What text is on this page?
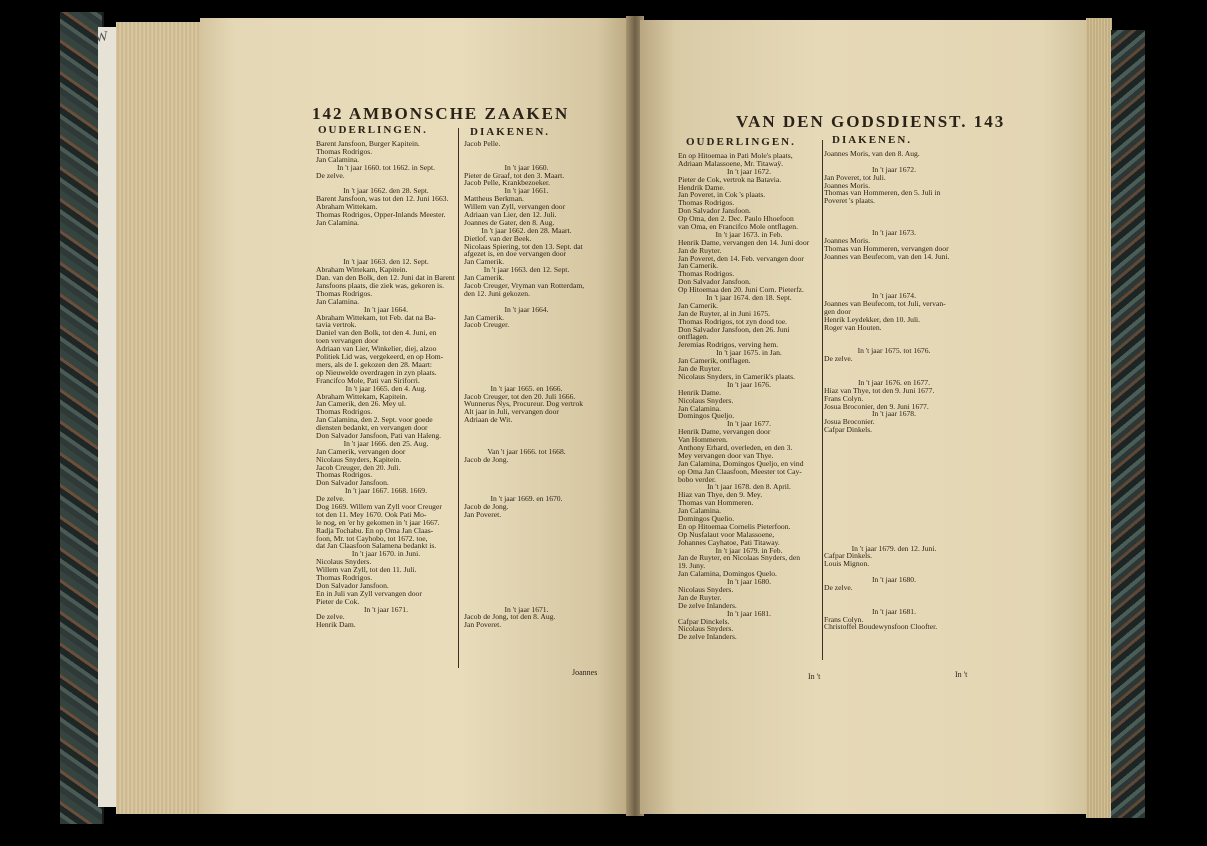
W
142 AMBONSCHE ZAAKEN
OUDERLINGEN.	DIAKENEN.
Barent Jansfoon, Burger Kapitein.
Thomas Rodrigos.
Jan Calamina.
In 't jaar 1660. tot 1662. in Sept.
De zelve.
In 't jaar 1662. den 28. Sept.
Barent Jansfoon, was tot den 12. Juni 1663.
Abraham Wittekam.
Thomas Rodrigos, Opper-Inlands Meester.
Jan Calamina.
In 't jaar 1663. den 12. Sept.
Abraham Wittekam, Kapitein.
Dan. van den Bolk, den 12. Juni dat in Barent
Jansfoons plaats, die ziek was, gekoren is.
Thomas Rodrigos.
Jan Calamina.
In 't jaar 1664.
Abraham Wittekam, tot Feb. dat na Ba-
tavia vertrok.
Daniel van den Bolk, tot den 4. Juni, en
toen vervangen door
Adriaan van Lier, Winkelier, diej, alzoo
Politiek Lid was, vergekeerd, en op Hom-
mers, als de I. gekozen den 28. Maart:
op Nieuwelde overdragen in zyn plaats.
Francifco Mole, Pati van Siriforri.
In 't jaar 1665. den 4. Aug.
Abraham Wittekam, Kapitein.
Jan Camerik, den 26. Mey ul.
Thomas Rodrigos.
Jan Calamina, den 2. Sept. voor goede
diensten bedankt, en vervangen door
Don Salvador Jansfoon, Pati van Haleng.
In 't jaar 1666. den 25. Aug.
Jan Camerik, vervangen door
Nicolaus Snyders, Kapitein.
Jacob Creuger, den 20. Juli.
Thomas Rodrigos.
Don Salvador Jansfoon.
In 't jaar 1667. 1668. 1669.
De zelve.
Dog 1669. Willem van Zyll voor Creuger
tot den 11. Mey 1670. Ook Pati Mo-
le nog, en 'er hy gekomen in 't jaar 1667.
Radja Tochabu. En op Oma Jan Claas-
foon, Mr. tot Cayhobo, tot 1672. toe,
dat Jan Claasfoon Salamena bedankt is.
In 't jaar 1670. in Juni.
Nicolaus Snyders.
Willem van Zyll, tot den 11. Juli.
Thomas Rodrigos.
Don Salvador Jansfoon.
En in Juli van Zyll vervangen door
Pieter de Cok.
In 't jaar 1671.
De zelve.
Henrik Dam.
Jacob Pelle.
In 't jaar 1660.
Pieter de Graaf, tot den 3. Maart.
Jacob Pelle, Krankbezoeker.
In 't jaar 1661.
Mattheus Berkman.
Willem van Zyll, vervangen door
Adriaan van Lier, den 12. Juli.
Joannes de Gater, den 8. Aug.
In 't jaar 1662. den 28. Maart.
Dietlof. van der Beek.
Nicolaas Spiering, tot den 13. Sept. dat
afgezet is, en doe vervangen door
Jan Camerik.
In 't jaar 1663. den 12. Sept.
Jan Camerik.
Jacob Creuger, Vryman van Rotterdam,
den 12. Juni gekozen.
In 't jaar 1664.
Jan Camerik.
Jacob Creuger.
In 't jaar 1665. en 1666.
Jacob Creuger, tot den 20. Juli 1666.
Wunnerus Nys, Procureur. Dog vertrok
Alt jaar in Juli, vervangen door
Adriaan de Wit.
Van 't jaar 1666. tot 1668.
Jacob de Jong.
In 't jaar 1669. en 1670.
Jacob de Jong.
Jan Poveret.
In 't jaar 1671.
Jacob de Jong, tot den 8. Aug.
Jan Poveret.
Joannes
VAN DEN GODSDIENST. 143
OUDERLINGEN.	DIAKENEN.
En op Hitoemaa in Pati Mole's plaats,
Adriaan Malassoene, Mr. Titawaÿ.
In 't jaar 1672.
Pieter de Cok, vertrok na Batavia.
Hendrik Dame.
Jan Poveret, in Cok 's plaats.
Thomas Rodrigos.
Don Salvador Jansfoon.
Op Oma, den 2. Dec. Paulo Hhoefoon
van Oma, en Francifco Mole ontflagen.
In 't jaar 1673. in Feb.
Henrik Dame, vervangen den 14. Juni door
Jan de Ruyter.
Jan Poveret, den 14. Feb. vervangen door
Jan Camerik.
Thomas Rodrigos.
Don Salvador Jansfoon.
Op Hitoemaa den 20. Juni Corn. Pieterfz.
In 't jaar 1674. den 18. Sept.
Jan Camerik.
Jan de Ruyter, al in Juni 1675.
Thomas Rodrigos, tot zyn dood toe.
Don Salvador Jansfoon, den 26. Juni
ontflagen.
Jeremias Rodrigos, verving hem.
In 't jaar 1675. in Jan.
Jan Camerik, ontflagen.
Jan de Ruyter.
Nicolaus Snyders, in Camerik's plaats.
In 't jaar 1676.
Henrik Dame.
Nicolaus Snyders.
Jan Calamina.
Domingos Queljo.
In 't jaar 1677.
Henrik Dame, vervangen door
Van Hommeren.
Anthony Erhard, overleden, en den 3.
Mey vervangen door van Thye.
Jan Calamina, Domingos Queljo, en vind
op Oma Jan Claasfoon, Meester tot Cay-
bobo verder.
In 't jaar 1678. den 8. April.
Hiaz van Thye, den 9. Mey.
Thomas van Hommeren.
Jan Calamina.
Domingos Quelio.
En op Hitoemaa Cornelis Pieterfoon.
Op Nusfalaut voor Malassoene,
Johannes Cayhatoe, Pati Titaway.
In 't jaar 1679. in Feb.
Jan de Ruyter, en Nicolaas Snyders, den
19. Juny.
Jan Calamina, Domingos Quelo.
In 't jaar 1680.
Nicolaus Snyders.
Jan de Ruyter.
De zelve Inlanders.
In 't jaar 1681.
Cafpar Dinckels.
Nicolaus Snyders.
De zelve Inlanders.
Joannes Moris, van den 8. Aug.
In 't jaar 1672.
Jan Poveret, tot Juli.
Joannes Moris.
Thomas van Hommeren, den 5. Juli in
Poveret 's plaats.
In 't jaar 1673.
Joannes Moris.
Thomas van Hommeren, vervangen door
Joannes van Beufecom, van den 14. Juni.
In 't jaar 1674.
Joannes van Beufecom, tot Juli, vervan-
gen door
Henrik Leydekker, den 10. Juli.
Roger van Houten.
In 't jaar 1675. tot 1676.
De zelve.
In 't jaar 1676. en 1677.
Hiaz van Thye, tot den 9. Juni 1677.
Frans Colyn.
Josua Broconier, den 9. Juni 1677.
In 't jaar 1678.
Josua Broconier.
Cafpar Dinkels.
In 't jaar 1679. den 12. Juni.
Cafpar Dinkels.
Louis Mignon.
In 't jaar 1680.
De zelve.
In 't jaar 1681.
Frans Colyn.
Christoffel Boudewynsfoon Cloofter.
In 't	In 't
